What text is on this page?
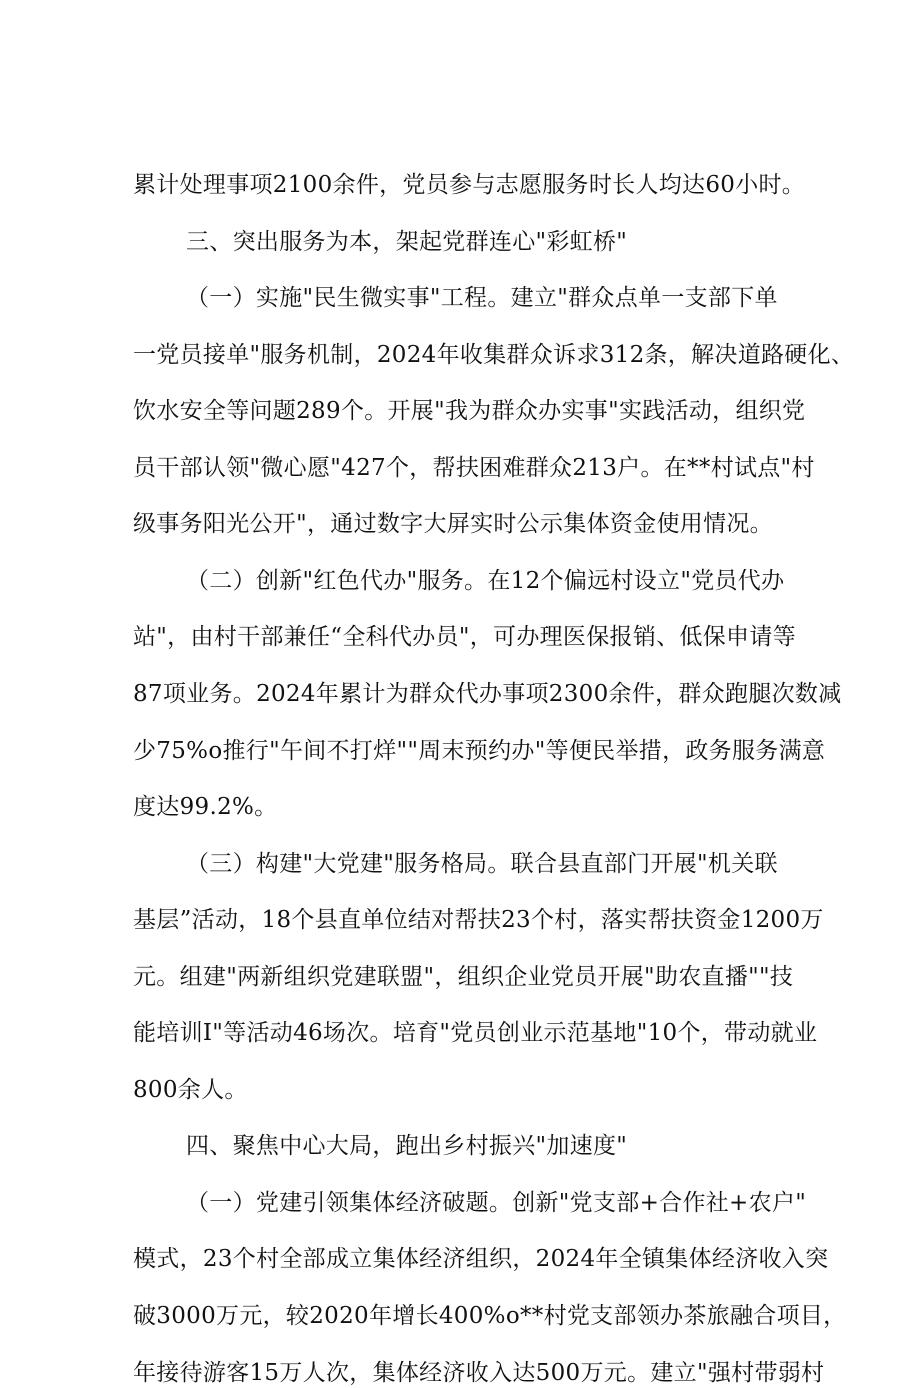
累计处理事项2100余件，党员参与志愿服务时长人均达60小时。
三、突出服务为本，架起党群连心"彩虹桥"
（一）实施"民生微实事"工程。建立"群众点单一支部下单
一党员接单"服务机制，2024年收集群众诉求312条，解决道路硬化、
饮水安全等问题289个。开展"我为群众办实事"实践活动，组织党
员干部认领"微心愿"427个，帮扶困难群众213户。在**村试点"村
级事务阳光公开"，通过数字大屏实时公示集体资金使用情况。
（二）创新"红色代办"服务。在12个偏远村设立"党员代办
站"，由村干部兼任“全科代办员"，可办理医保报销、低保申请等
87项业务。2024年累计为群众代办事项2300余件，群众跑腿次数减
少75%o推行"午间不打烊""周末预约办"等便民举措，政务服务满意
度达99.2%。
（三）构建"大党建"服务格局。联合县直部门开展"机关联
基层”活动，18个县直单位结对帮扶23个村，落实帮扶资金1200万
元。组建"两新组织党建联盟"，组织企业党员开展"助农直播""技
能培训I"等活动46场次。培育"党员创业示范基地"10个，带动就业
800余人。
四、聚焦中心大局，跑出乡村振兴"加速度"
（一）党建引领集体经济破题。创新"党支部+合作社+农户"
模式，23个村全部成立集体经济组织，2024年全镇集体经济收入突
破3000万元，较2020年增长400%o**村党支部领办茶旅融合项目，
年接待游客15万人次，集体经济收入达500万元。建立"强村带弱村
